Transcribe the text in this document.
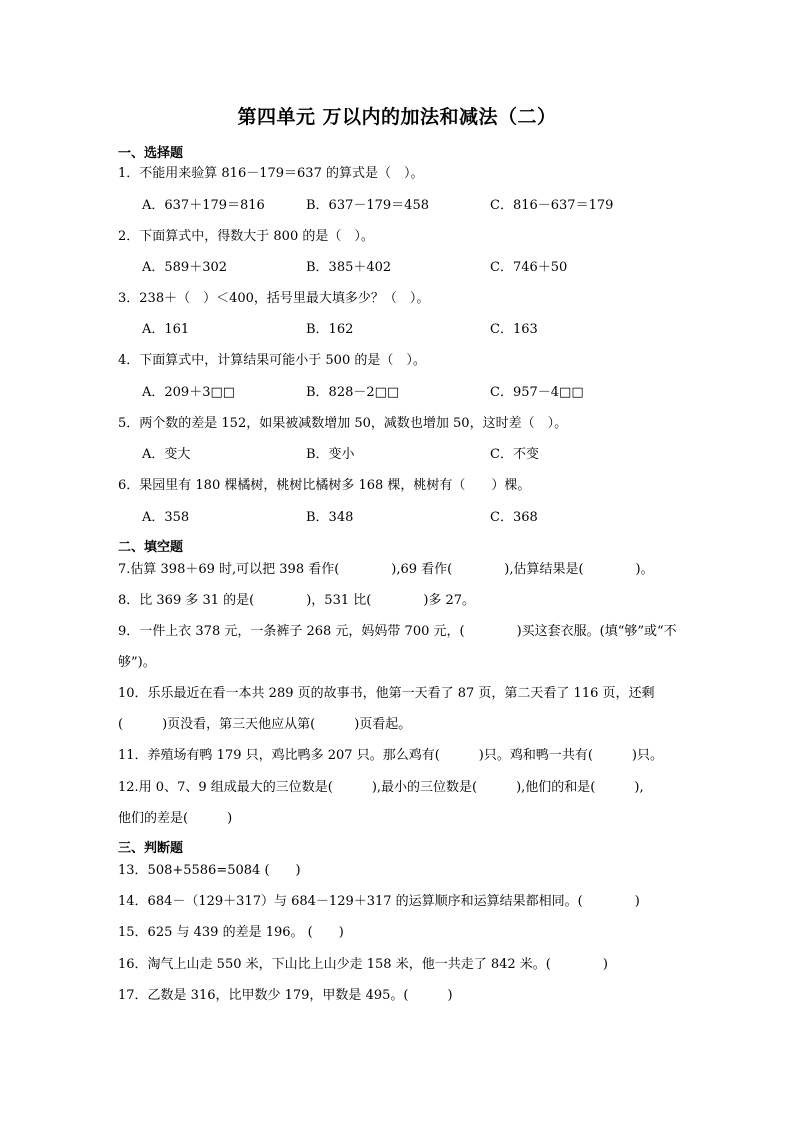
第四单元 万以内的加法和减法（二）
一、选择题
1．不能用来验算 816－179＝637 的算式是（　）。
A．637＋179＝816	B．637－179＝458	C．816－637＝179
2．下面算式中，得数大于 800 的是（　）。
A．589＋302	B．385＋402	C．746＋50
3．238＋（　）＜400，括号里最大填多少？（　）。
A．161	B．162	C．163
4．下面算式中，计算结果可能小于 500 的是（　）。
A．209＋3□□	B．828－2□□	C．957－4□□
5．两个数的差是 152，如果被减数增加 50，减数也增加 50，这时差（　）。
A．变大	B．变小	C．不变
6．果园里有 180 棵橘树，桃树比橘树多 168 棵，桃树有（　　）棵。
A．358	B．348	C．368
二、填空题
7.估算 398＋69 时,可以把 398 看作(　　　　),69 看作(　　　　),估算结果是(　　　　)。
8．比 369 多 31 的是(　　　　)，531 比(　　　　)多 27。
9．一件上衣 378 元，一条裤子 268 元，妈妈带 700 元，(　　　　)买这套衣服。(填“够”或“不
够”)。
10．乐乐最近在看一本共 289 页的故事书，他第一天看了 87 页，第二天看了 116 页，还剩
(　　　)页没看，第三天他应从第(　　　)页看起。
11．养殖场有鸭 179 只，鸡比鸭多 207 只。那么鸡有(　　　)只。鸡和鸭一共有(　　　)只。
12.用 0、7、9 组成最大的三位数是(　　　),最小的三位数是(　　　),他们的和是(　　　),
他们的差是(　　　)
三、判断题
13．508+5586=5084 (　　)
14．684－（129＋317）与 684－129＋317 的运算顺序和运算结果都相同。(　　　　)
15．625 与 439 的差是 196。 (　　)
16．淘气上山走 550 米，下山比上山少走 158 米，他一共走了 842 米。(　　　　)
17．乙数是 316，比甲数少 179，甲数是 495。(　　　)
